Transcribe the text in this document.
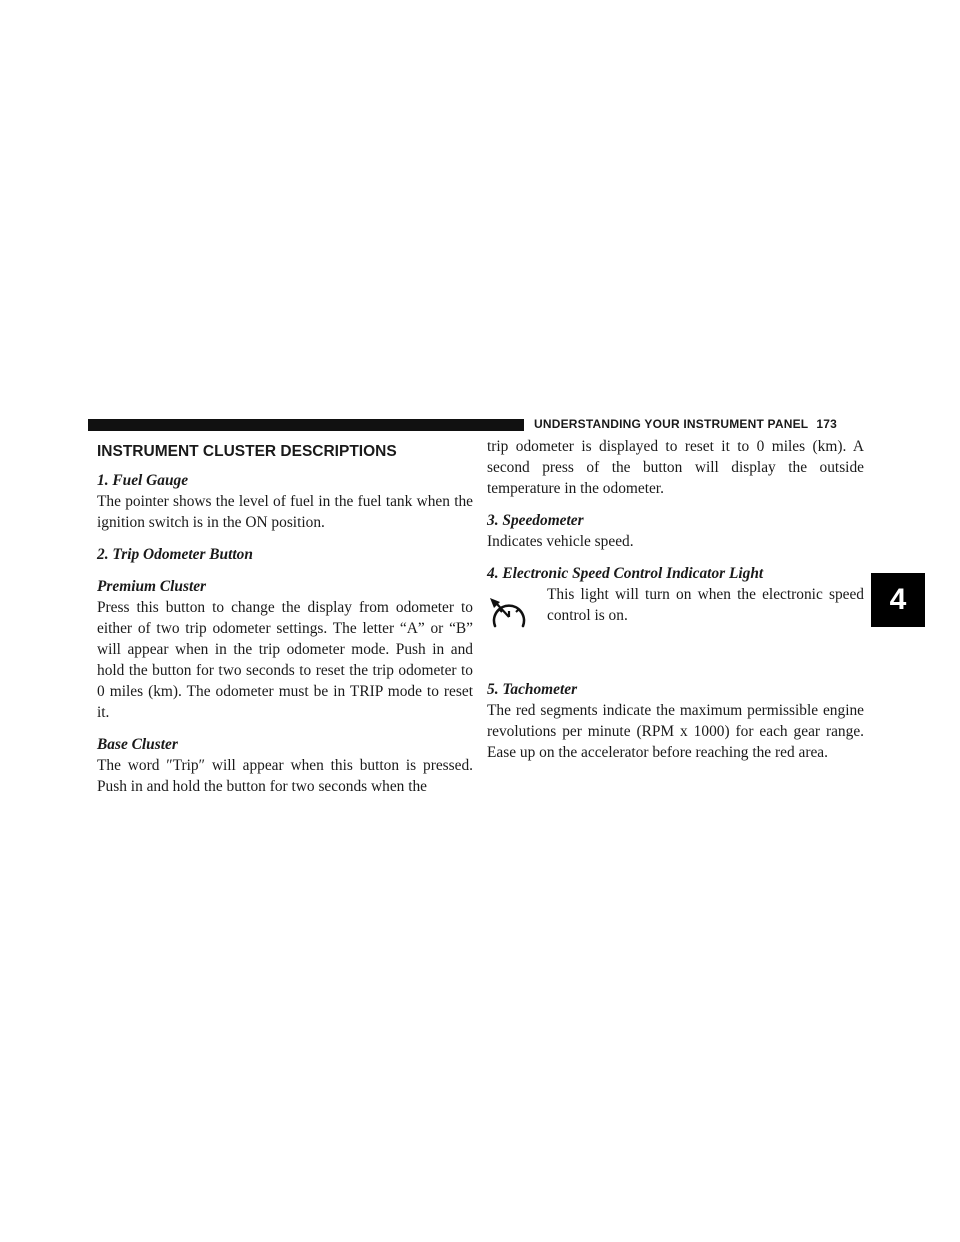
UNDERSTANDING YOUR INSTRUMENT PANEL 173
4
INSTRUMENT CLUSTER DESCRIPTIONS
1. Fuel Gauge

The pointer shows the level of fuel in the fuel tank when the ignition switch is in the ON position.

2. Trip Odometer Button
Premium Cluster

Press this button to change the display from odometer to either of two trip odometer settings. The letter “A” or “B” will appear when in the trip odometer mode. Push in and hold the button for two seconds to reset the trip odometer to 0 miles (km). The odometer must be in TRIP mode to reset it.

Base Cluster

The word ″Trip″ will appear when this button is pressed. Push in and hold the button for two seconds when the

trip odometer is displayed to reset it to 0 miles (km). A second press of the button will display the outside temperature in the odometer.

3. Speedometer

Indicates vehicle speed.

4. Electronic Speed Control Indicator Light
This light will turn on when the electronic speed control is on.
5. Tachometer

The red segments indicate the maximum permissible engine revolutions per minute (RPM x 1000) for each gear range. Ease up on the accelerator before reaching the red area.
